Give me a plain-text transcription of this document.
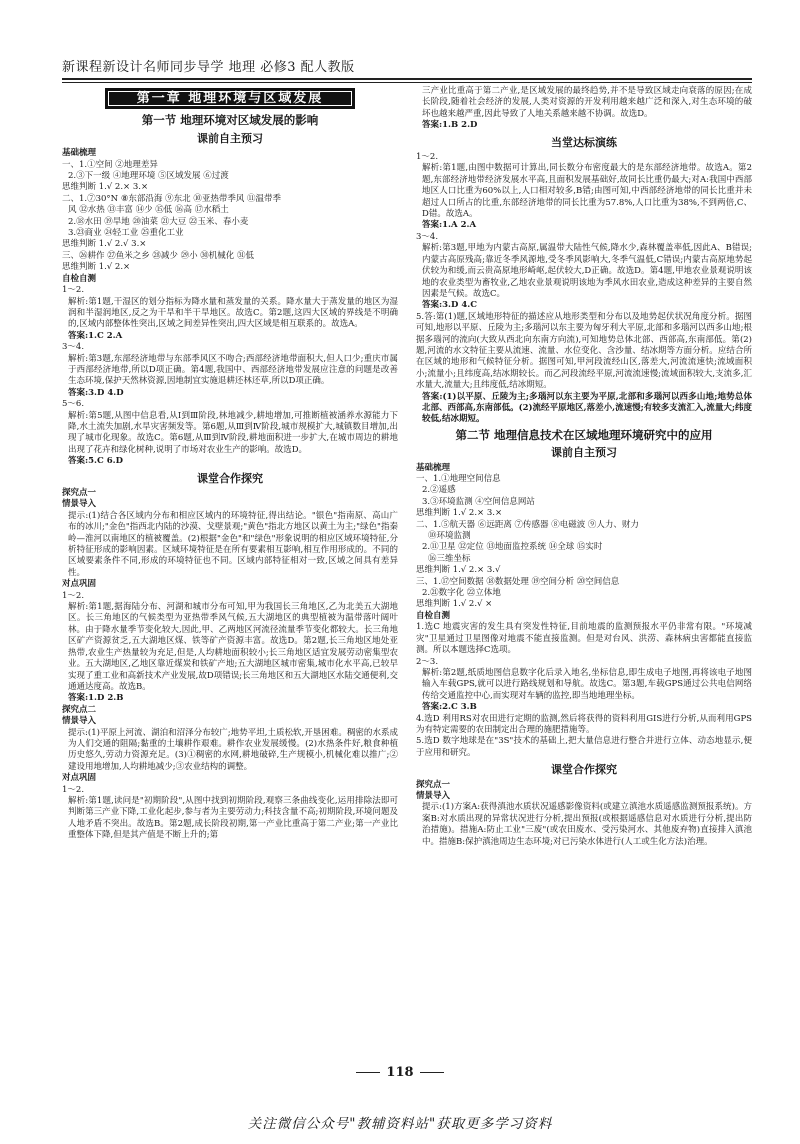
新课程新设计名师同步导学 地理 必修3 配人教版
第一章 地理环境与区域发展
第一节 地理环境对区域发展的影响
课前自主预习

基础梳理

一、1.①空间 ②地理差异

2.③下一级 ④地理环境 ⑤区域发展 ⑥过渡

思维判断 1.√ 2.× 3.×

二、1.⑦30°N ⑧东部沿海 ⑨东北 ⑩亚热带季风 ⑪温带季

风 ⑫水热 ⑬丰富 ⑭少 ⑮低 ⑯高 ⑰水稻土

2.⑱水田 ⑲旱地 ⑳油菜 ㉑大豆 ㉒玉米、春小麦

3.㉓商业 ㉔轻工业 ㉕重化工业

思维判断 1.√ 2.√ 3.×

三、㉖耕作 ㉗鱼米之乡 ㉘减少 ㉙小 ㉚机械化 ㉛低

思维判断 1.√ 2.×

自检自测

1～2.

解析:第1题,干湿区的划分指标为降水量和蒸发量的关系。降水量大于蒸发量的地区为湿润和半湿润地区,反之为干旱和半干旱地区。故选C。第2题,这四大区域的界线是不明确的,区域内部整体性突出,区域之间差异性突出,四大区域是相互联系的。故选A。

答案:1.C 2.A

3～4.

解析:第3题,东部经济地带与东部季风区不吻合;西部经济地带面积大,但人口少;重庆市属于西部经济地带,所以D项正确。第4题,我国中、西部经济地带发展应注意的问题是改善生态环境,保护天然林资源,因地制宜实施退耕还林还草,所以D项正确。

答案:3.D 4.D

5～6.

解析:第5题,从图中信息看,从Ⅰ到Ⅲ阶段,林地减少,耕地增加,可推断植被涵养水源能力下降,水土流失加剧,水旱灾害频发等。第6题,从Ⅲ到Ⅳ阶段,城市规模扩大,城镇数目增加,出现了城市化现象。故选C。第6题,从Ⅲ到Ⅳ阶段,耕地面积进一步扩大,在城市周边的耕地出现了花卉和绿化树种,说明了市场对农业生产的影响。故选D。

答案:5.C 6.D

课堂合作探究

探究点一

情景导入

提示:(1)结合各区域内分布和相应区域内的环境特征,得出结论。"银色"指南原、高山广布的冰川;"金色"指西北内陆的沙漠、戈壁景观;"黄色"指北方地区以黄土为主;"绿色"指秦岭—淮河以南地区的植被覆盖。(2)根据"金色"和"绿色"形象说明的相应区域环境特征,分析特征形成的影响因素。区域环境特征是在所有要素相互影响,相互作用形成的。不同的区域要素条件不同,形成的环境特征也不同。区域内部特征相对一致,区域之间具有差异性。

对点巩固

1～2.

解析:第1题,据海陆分布、河湖和城市分布可知,甲为我国长三角地区,乙为北美五大湖地区。长三角地区的气候类型为亚热带季风气候,五大湖地区的典型植被为温带落叶阔叶林。由于降水量季节变化较大,因此,甲、乙两地区河流径流量季节变化都较大。长三角地区矿产资源贫乏,五大湖地区煤、铁等矿产资源丰富。故选D。第2题,长三角地区地处亚热带,农业生产热量较为充足,但是,人均耕地面积较小;长三角地区适宜发展劳动密集型农业。五大湖地区,乙地区靠近煤炭和铁矿产地;五大湖地区城市密集,城市化水平高,已较早实现了重工业和高新技术产业发展,故D项错误;长三角地区和五大湖地区水陆交通便利,交通通达度高。故选B。

答案:1.D 2.B

探究点二

情景导入

提示:(1)平原上河流、湖泊和沼泽分布较广;地势平坦,土质松软,开垦困难。稠密的水系成为人们交通的阻隔;黏重的土壤耕作艰难。耕作农业发展缓慢。(2)水热条件好,粮食种植历史悠久,劳动力资源充足。(3)①稠密的水网,耕地破碎,生产规模小,机械化难以推广;②建设用地增加,人均耕地减少;③农业结构的调整。

对点巩固

1～2.

解析:第1题,读问是"初期阶段",从图中找到初期阶段,观察三条曲线变化,运用排除法即可判断第三产业下降,工业化起步,参与者为主要劳动力;科技含量不高;初期阶段,环境问题及人地矛盾不突出。故选B。第2题,成长阶段初期,第一产业比重高于第二产业;第一产业比重整体下降,但是其产值是不断上升的;第

三产业比重高于第二产业,是区域发展的最终趋势,并不是导致区域走向衰落的原因;在成长阶段,随着社会经济的发展,人类对资源的开发利用越来越广泛和深入,对生态环境的破坏也越来越严重,因此导致了人地关系越来越不协调。故选D。

答案:1.B 2.D

当堂达标演练

1～2.

解析:第1题,由图中数据可计算出,同长数分布密度最大的是东部经济地带。故选A。第2题,东部经济地带经济发展水平高,且面积发展基础好,故同长比重仍最大;对A:我国中西部地区人口比重为60%以上,人口相对较多,B错;由图可知,中西部经济地带的同长比重并未超过人口所占的比重,东部经济地带的同长比重为57.8%,人口比重为38%,不到两倍,C、D错。故选A。

答案:1.A 2.A

3～4.

解析:第3题,甲地为内蒙古高原,属温带大陆性气候,降水少,森林覆盖率低,因此A、B错误;内蒙古高原残高;靠近冬季风源地,受冬季风影响大,冬季气温低,C错误;内蒙古高原地势起伏较为和缓,而云贵高原地形崎岖,起伏较大,D正确。故选D。第4题,甲地农业景观说明该地的农业类型为畜牧业,乙地农业景观说明该地为季风水田农业,造成这种差异的主要自然因素是气候。故选C。

答案:3.D 4.C

5.答:第(1)题,区域地形特征的描述应从地形类型和分布以及地势起伏状况角度分析。据图可知,地形以平原、丘陵为主;多瑙河以东主要为匈牙利大平原,北部和多瑙河以西多山地;根据多瑙河的流向(大致从西北向东南方向流),可知地势总体北部、西部高,东南部低。第(2)题,河流的水文特征主要从流速、流量、水位变化、含沙量、结冰期等方面分析。应结合所在区域的地形和气候特征分析。据图可知,甲河段流经山区,落差大,河流流速快;流域面积小;流量小;且纬度高,结冰期较长。而乙河段流经平原,河流流速慢;流域面积较大,支流多,汇水量大,流量大;且纬度低,结冰期短。

答案:(1)以平原、丘陵为主;多瑙河以东主要为平原,北部和多瑙河以西多山地;地势总体北部、西部高,东南部低。(2)流经平原地区,落差小,流速慢;有较多支流汇入,流量大;纬度较低,结冰期短。

第二节 地理信息技术在区域地理环境研究中的应用
课前自主预习

基础梳理

一、1.①地理空间信息

2.②遥感

3.③环境监测 ④空间信息网站

思维判断 1.√ 2.× 3.×

二、1.⑤航天器 ⑥远距离 ⑦传感器 ⑧电磁波 ⑨人力、财力

⑩环境监测

2.⑪卫星 ⑫定位 ⑬地面监控系统 ⑭全球 ⑮实时

⑯三维坐标

思维判断 1.√ 2.× 3.√

三、1.⑰空间数据 ⑱数据处理 ⑲空间分析 ⑳空间信息

2.㉑数字化 ㉒立体地

思维判断 1.√ 2.√ ×

自检自测

1.选C 地震灾害的发生具有突发性特征,目前地震的监测预报水平仍非常有限。"环境减灾"卫星通过卫星图像对地震不能直接监测。但是对台风、洪涝、森林病虫害都能直接监测。所以本题选择C选项。

2～3.

解析:第2题,纸质地图信息数字化后录入地名,坐标信息,即生成电子地图,再将该电子地图输入车载GPS,就可以进行路线规划和导航。故选C。第3题,车载GPS通过公共电信网络传给交通监控中心,而实现对车辆的监控,即当地地理坐标。

答案:2.C 3.B

4.选D 利用RS对农田进行定期的监测,然后将获得的资料利用GIS进行分析,从而利用GPS为有特定需要的农田制定出合理的施肥措施等。

5.选D 数字地球是在"3S"技术的基础上,把大量信息进行整合并进行立体、动态地显示,便于应用和研究。

课堂合作探究

探究点一

情景导入

提示:(1)方案A:获得滇池水质状况遥感影像资料(或建立滇池水质遥感监测预报系统)。方案B:对水质出现的异常状况进行分析,提出预报(或根据遥感信息对水质进行分析,提出防治措施)。措施A:防止工业"三废"(或农田废水、受污染河水、其他废弃物)直接排入滇池中。措施B:保护滇池周边生态环境;对已污染水体进行(人工或生化方法)治理。

118
关注微信公众号"教辅资料站"获取更多学习资料
